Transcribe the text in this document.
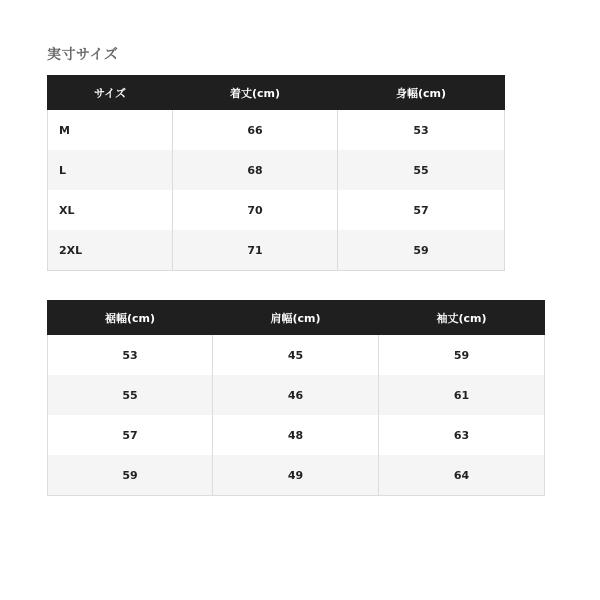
実寸サイズ
サイズ	着丈(cm)	身幅(cm)
M	66	53
L	68	55
XL	70	57
2XL	71	59
裾幅(cm)	肩幅(cm)	袖丈(cm)
53	45	59
55	46	61
57	48	63
59	49	64
